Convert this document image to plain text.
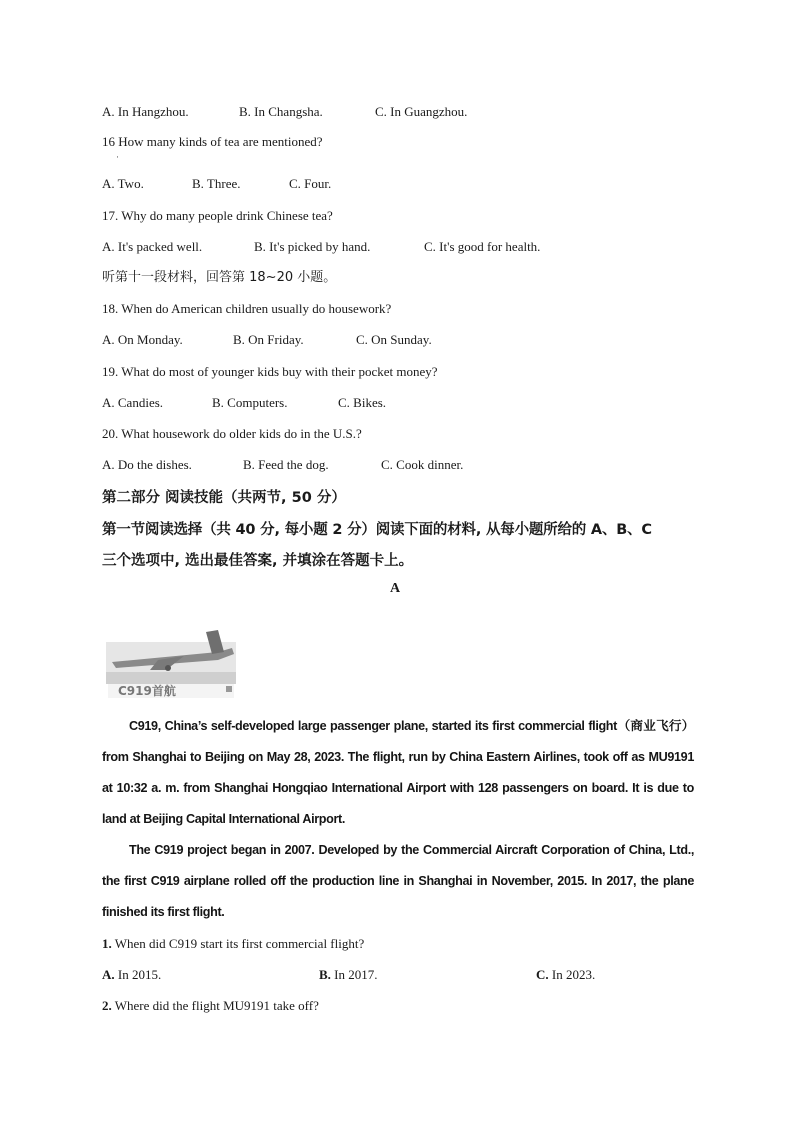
A. In Hangzhou.	B. In Changsha.	C. In Guangzhou.
16 How many kinds of tea are mentioned?
·
A. Two.	B. Three.	C. Four.
17. Why do many people drink Chinese tea?
A. It's packed well.	B. It's picked by hand.	C. It's good for health.
听第十一段材料，回答第 18~20 小题。
18. When do American children usually do housework?
A. On Monday.	B. On Friday.	C. On Sunday.
19. What do most of younger kids buy with their pocket money?
A. Candies.	B. Computers.	C. Bikes.
20. What housework do older kids do in the U.S.?
A. Do the dishes.	B. Feed the dog.	C. Cook dinner.
第二部分 阅读技能（共两节, 50 分）
第一节阅读选择（共 40 分, 每小题 2 分）阅读下面的材料, 从每小题所给的 A、B、C
三个选项中, 选出最佳答案, 并填涂在答题卡上。
A
C919首航

C919, China’s self-developed large passenger plane, started its first commercial flight（商业飞行）from Shanghai to Beijing on May 28, 2023. The flight, run by China Eastern Airlines, took off as MU9191 at 10:32 a. m. from Shanghai Hongqiao International Airport with 128 passengers on board. It is due to land at Beijing Capital International Airport.

The C919 project began in 2007. Developed by the Commercial Aircraft Corporation of China, Ltd., the first C919 airplane rolled off the production line in Shanghai in November, 2015. In 2017, the plane finished its first flight.

1. When did C919 start its first commercial flight?
A. In 2015.	B. In 2017.	C. In 2023.
2. Where did the flight MU9191 take off?
